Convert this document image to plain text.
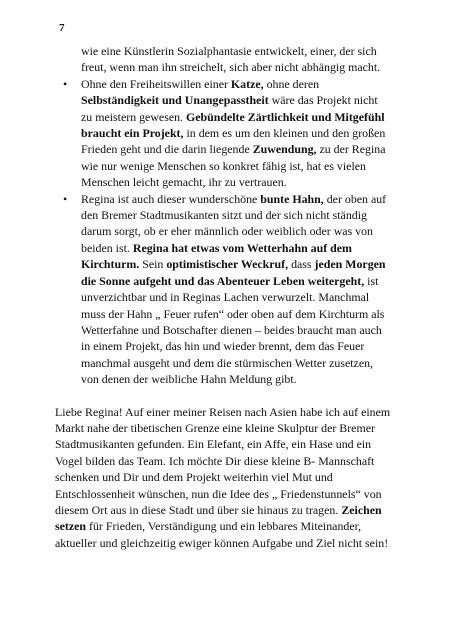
7
wie eine Künstlerin Sozialphantasie entwickelt, einer, der sich
freut, wenn man ihn streichelt, sich aber nicht abhängig macht.
• Ohne den Freiheitswillen einer Katze, ohne deren
Selbständigkeit und Unangepasstheit wäre das Projekt nicht
zu meistern gewesen. Gebündelte Zärtlichkeit und Mitgefühl
braucht ein Projekt, in dem es um den kleinen und den großen
Frieden geht und die darin liegende Zuwendung, zu der Regina
wie nur wenige Menschen so konkret fähig ist, hat es vielen
Menschen leicht gemacht, ihr zu vertrauen.
• Regina ist auch dieser wunderschöne bunte Hahn, der oben auf
den Bremer Stadtmusikanten sitzt und der sich nicht ständig
darum sorgt, ob er eher männlich oder weiblich oder was von
beiden ist. Regina hat etwas vom Wetterhahn auf dem
Kirchturm. Sein optimistischer Weckruf, dass jeden Morgen
die Sonne aufgeht und das Abenteuer Leben weitergeht, ist
unverzichtbar und in Reginas Lachen verwurzelt. Manchmal
muss der Hahn „ Feuer rufen“ oder oben auf dem Kirchturm als
Wetterfahne und Botschafter dienen – beides braucht man auch
in einem Projekt, das hin und wieder brennt, dem das Feuer
manchmal ausgeht und dem die stürmischen Wetter zusetzen,
von denen der weibliche Hahn Meldung gibt.
Liebe Regina! Auf einer meiner Reisen nach Asien habe ich auf einem
Markt nahe der tibetischen Grenze eine kleine Skulptur der Bremer
Stadtmusikanten gefunden. Ein Elefant, ein Affe, ein Hase und ein
Vogel bilden das Team. Ich möchte Dir diese kleine B- Mannschaft
schenken und Dir und dem Projekt weiterhin viel Mut und
Entschlossenheit wünschen, nun die Idee des „ Friedenstunnels“ von
diesem Ort aus in diese Stadt und über sie hinaus zu tragen. Zeichen
setzen für Frieden, Verständigung und ein lebbares Miteinander,
aktueller und gleichzeitig ewiger können Aufgabe und Ziel nicht sein!
